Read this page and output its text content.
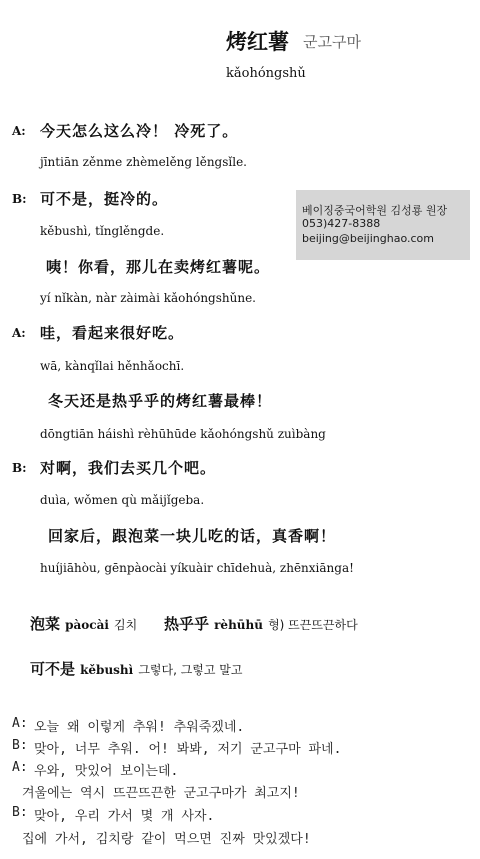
烤红薯 군고구마
kǎohóngshǔ
베이징중국어학원 김성룡 원장
053)427-8388
beijing@beijinghao.com
A: 今天怎么这么冷！ 冷死了。
jīntiān zěnme zhèmelěng lěngsǐle.
B: 可不是，挺冷的。
kěbushì, tǐnglěngde.
咦！你看，那儿在卖烤红薯呢。
yí nǐkàn, nàr zàimài kǎohóngshǔne.
A: 哇，看起来很好吃。
wā, kànqǐlai hěnhǎochī.
冬天还是热乎乎的烤红薯最棒！
dōngtiān háishì rèhūhūde kǎohóngshǔ zuìbàng
B: 对啊，我们去买几个吧。
duìa, wǒmen qù mǎijǐgeba.
回家后，跟泡菜一块儿吃的话，真香啊！
huíjiāhòu, gēnpàocài yíkuàir chīdehuà, zhēnxiānga!
泡菜 pàocài 김치 热乎乎 rèhūhū 형) 뜨끈뜨끈하다
可不是 kěbushì 그렇다, 그렇고 말고
A: 오늘 왜 이렇게 추워! 추워죽겠네.
B: 맞아, 너무 추워. 어! 봐봐, 저기 군고구마 파네.
A: 우와, 맛있어 보이는데.
겨울에는 역시 뜨끈뜨끈한 군고구마가 최고지!
B: 맞아, 우리 가서 몇 개 사자.
집에 가서, 김치랑 같이 먹으면 진짜 맛있겠다!
